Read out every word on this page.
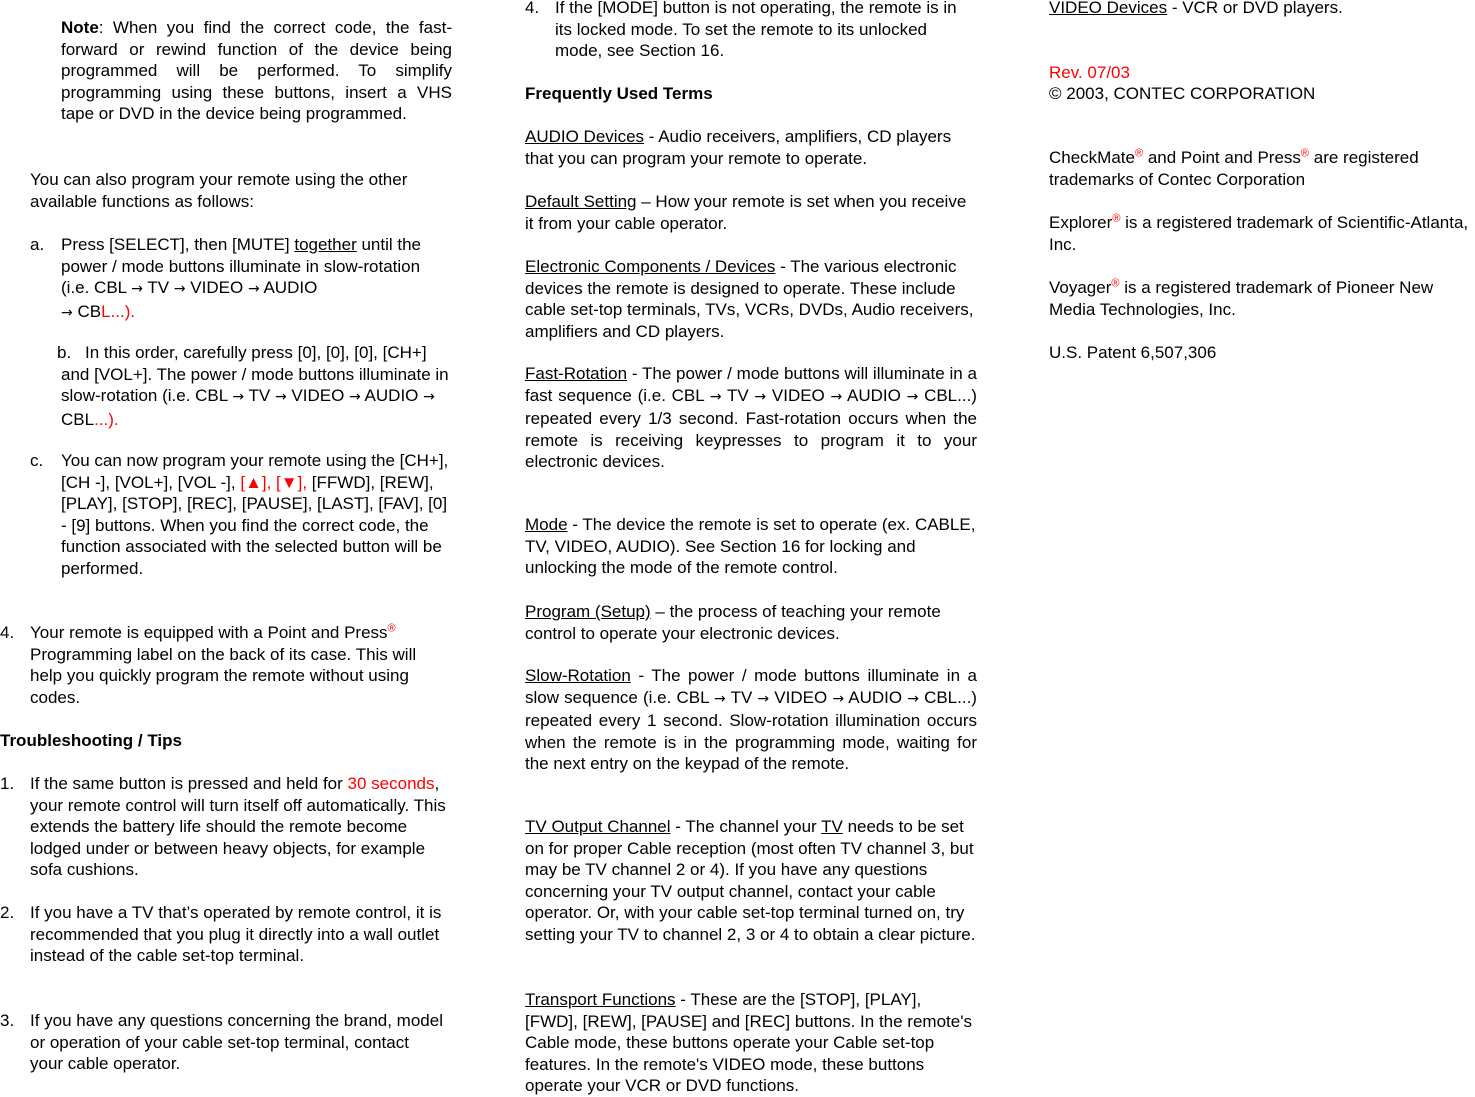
Note: When you find the correct code, the fast-forward or rewind function of the device being programmed will be performed. To simplify programming using these buttons, insert a VHS tape or DVD in the device being programmed.

You can also program your remote using the other available functions as follows:

a. Press [SELECT], then [MUTE] together until the power / mode buttons illuminate in slow-rotation (i.e. CBL → TV → VIDEO → AUDIO
→ CBL...).

b. In this order, carefully press [0], [0], [0], [CH+] and [VOL+]. The power / mode buttons illuminate in slow-rotation (i.e. CBL → TV → VIDEO → AUDIO → CBL...).

c. You can now program your remote using the [CH+], [CH -], [VOL+], [VOL -], [▲], [▼], [FFWD], [REW], [PLAY], [STOP], [REC], [PAUSE], [LAST], [FAV], [0] - [9] buttons. When you find the correct code, the function associated with the selected button will be performed.

4. Your remote is equipped with a Point and Press® Programming label on the back of its case. This will help you quickly program the remote without using codes.

Troubleshooting / Tips

1. If the same button is pressed and held for 30 seconds, your remote control will turn itself off automatically. This extends the battery life should the remote become lodged under or between heavy objects, for example sofa cushions.

2. If you have a TV that’s operated by remote control, it is recommended that you plug it directly into a wall outlet instead of the cable set-top terminal.

3. If you have any questions concerning the brand, model or operation of your cable set-top terminal, contact your cable operator.

4. If the [MODE] button is not operating, the remote is in its locked mode. To set the remote to its unlocked mode, see Section 16.

Frequently Used Terms

AUDIO Devices - Audio receivers, amplifiers, CD players that you can program your remote to operate.

Default Setting – How your remote is set when you receive it from your cable operator.

Electronic Components / Devices - The various electronic devices the remote is designed to operate. These include cable set-top terminals, TVs, VCRs, DVDs, Audio receivers, amplifiers and CD players.

Fast-Rotation - The power / mode buttons will illuminate in a fast sequence (i.e. CBL → TV → VIDEO → AUDIO → CBL...) repeated every 1/3 second. Fast-rotation occurs when the remote is receiving keypresses to program it to your electronic devices.

Mode - The device the remote is set to operate (ex. CABLE, TV, VIDEO, AUDIO). See Section 16 for locking and unlocking the mode of the remote control.

Program (Setup) – the process of teaching your remote control to operate your electronic devices.

Slow-Rotation - The power / mode buttons illuminate in a slow sequence (i.e. CBL → TV → VIDEO → AUDIO → CBL...) repeated every 1 second. Slow-rotation illumination occurs when the remote is in the programming mode, waiting for the next entry on the keypad of the remote.

TV Output Channel - The channel your TV needs to be set on for proper Cable reception (most often TV channel 3, but may be TV channel 2 or 4). If you have any questions concerning your TV output channel, contact your cable operator. Or, with your cable set-top terminal turned on, try setting your TV to channel 2, 3 or 4 to obtain a clear picture.

Transport Functions - These are the [STOP], [PLAY], [FWD], [REW], [PAUSE] and [REC] buttons. In the remote's Cable mode, these buttons operate your Cable set-top features. In the remote's VIDEO mode, these buttons operate your VCR or DVD functions.

VIDEO Devices - VCR or DVD players.

Rev. 07/03

© 2003, CONTEC CORPORATION

CheckMate® and Point and Press® are registered trademarks of Contec Corporation

Explorer® is a registered trademark of Scientific-Atlanta, Inc.

Voyager® is a registered trademark of Pioneer New Media Technologies, Inc.

U.S. Patent 6,507,306
